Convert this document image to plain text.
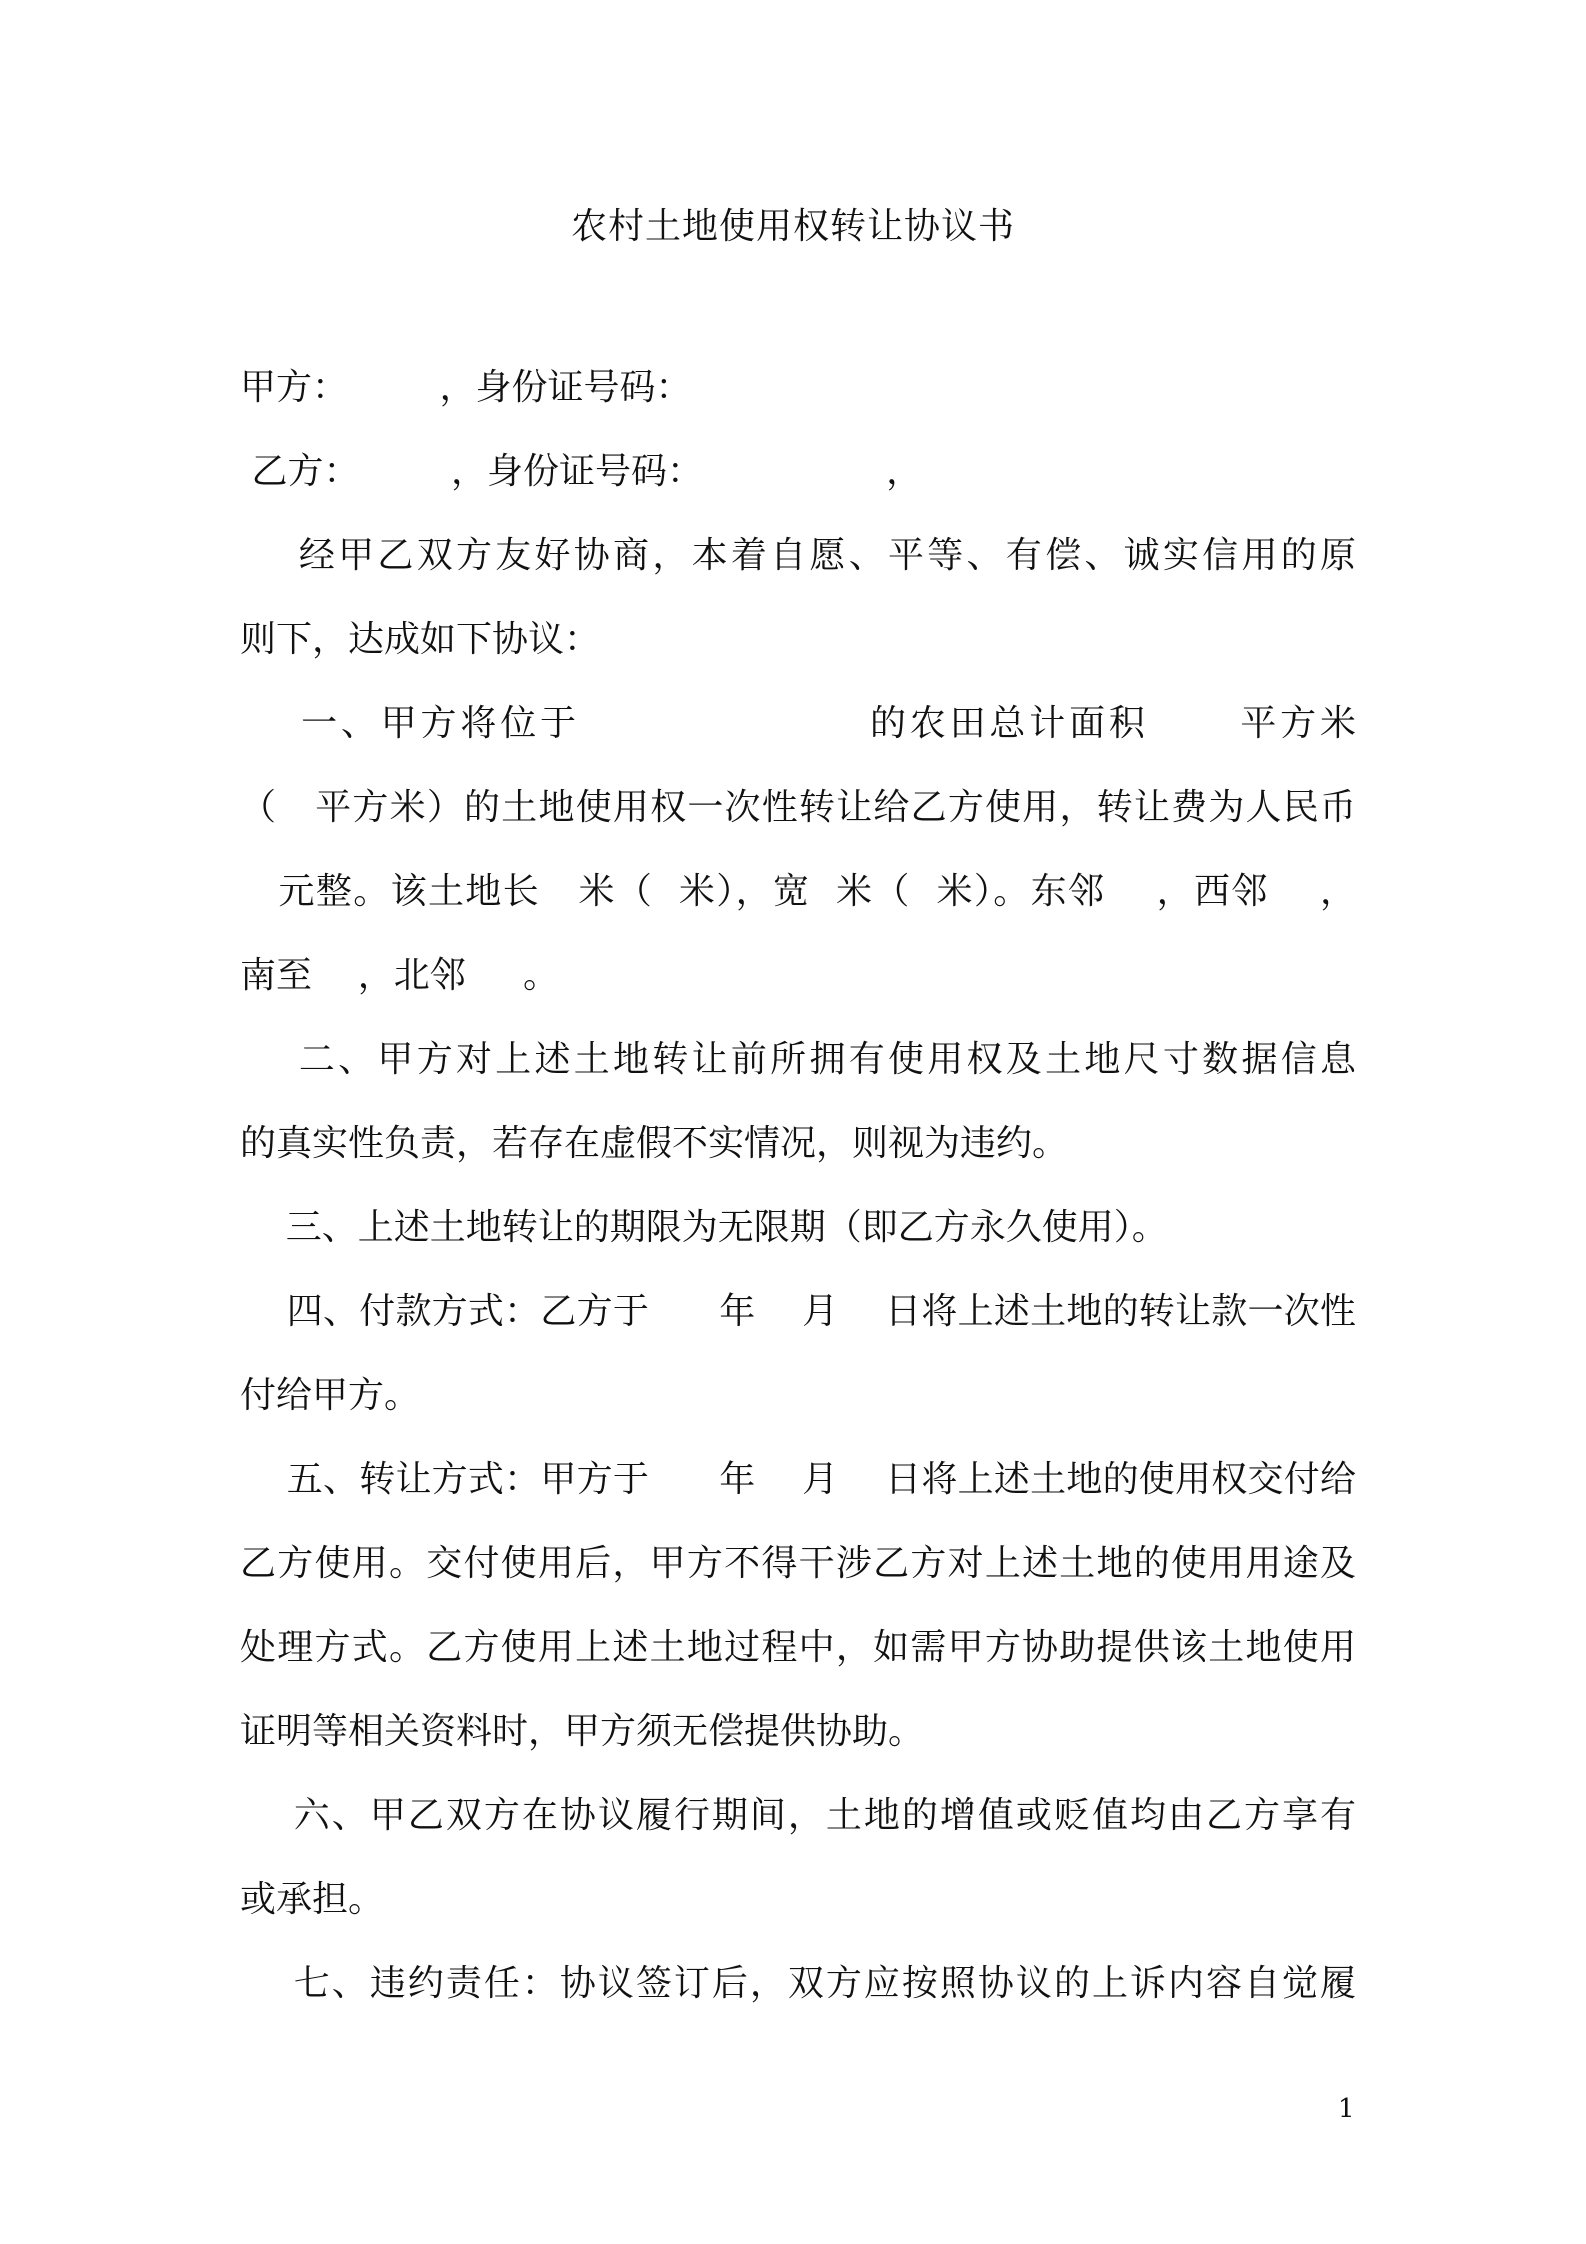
农村土地使用权转让协议书
甲方：        ，身份证号码：
乙方：        ，身份证号码：                ，
经甲乙双方友好协商，本着自愿、平等、有偿、诚实信用的原
则下，达成如下协议：
一、甲方将位于                   的农田总计面积      平方米
（   平方米）的土地使用权一次性转让给乙方使用，转让费为人民币
元整。该土地长   米（  米），宽  米（  米）。东邻    ，西邻    ，
南至    ，北邻     。
二、甲方对上述土地转让前所拥有使用权及土地尺寸数据信息
的真实性负责，若存在虚假不实情况，则视为违约。
三、上述土地转让的期限为无限期（即乙方永久使用）。
四、付款方式：乙方于      年    月    日将上述土地的转让款一次性
付给甲方。
五、转让方式：甲方于      年    月    日将上述土地的使用权交付给
乙方使用。交付使用后，甲方不得干涉乙方对上述土地的使用用途及
处理方式。乙方使用上述土地过程中，如需甲方协助提供该土地使用
证明等相关资料时，甲方须无偿提供协助。
六、甲乙双方在协议履行期间，土地的增值或贬值均由乙方享有
或承担。
七、违约责任：协议签订后，双方应按照协议的上诉内容自觉履
1
